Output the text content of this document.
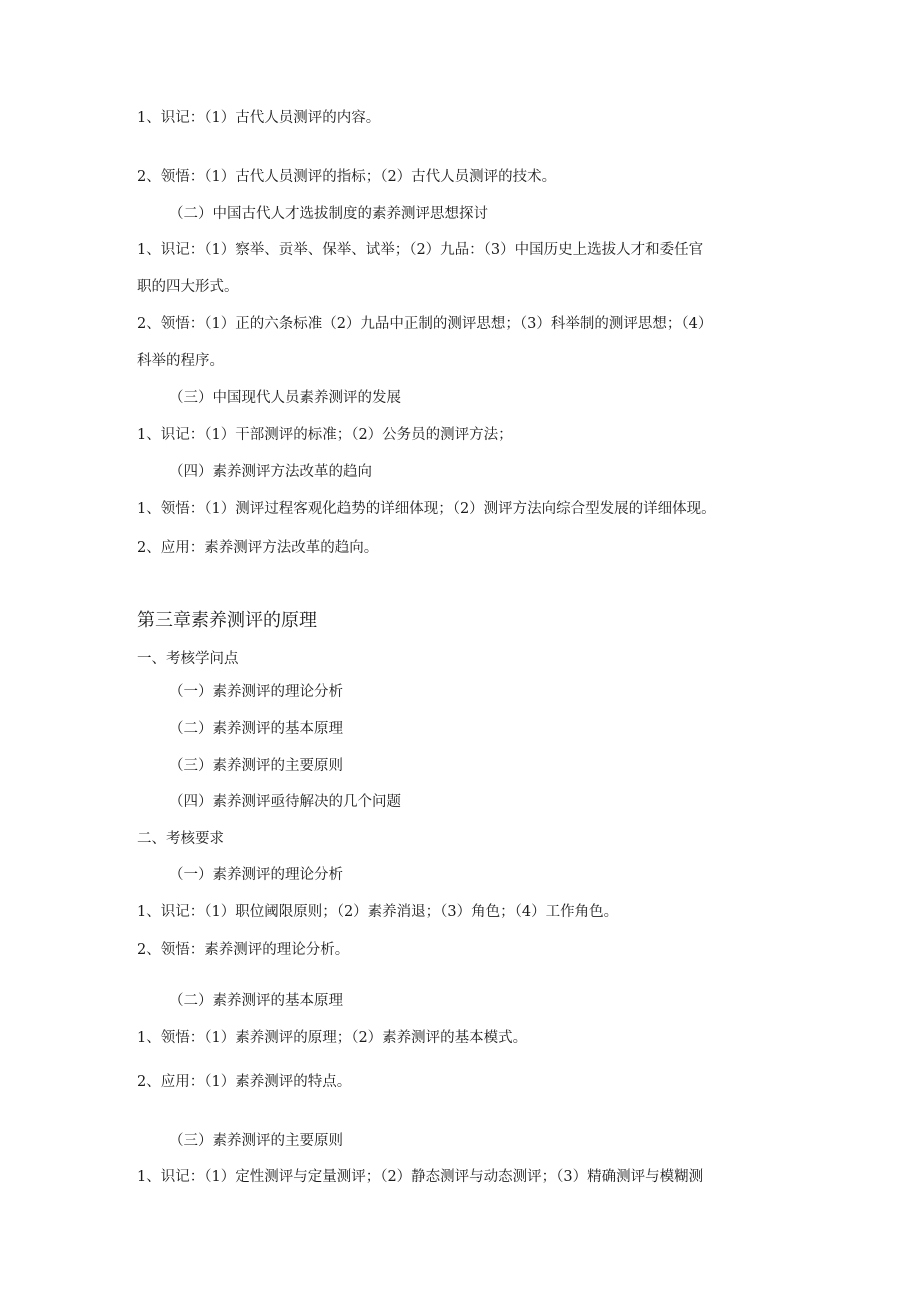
1、识记：（1）古代人员测评的内容。
2、领悟：（1）古代人员测评的指标；（2）古代人员测评的技术。
（二）中国古代人才选拔制度的素养测评思想探讨
1、识记：（1）察举、贡举、保举、试举；（2）九品：（3）中国历史上选拔人才和委任官
职的四大形式。
2、领悟：（1）正的六条标准（2）九品中正制的测评思想；（3）科举制的测评思想；（4）
科举的程序。
（三）中国现代人员素养测评的发展
1、识记：（1）干部测评的标准；（2）公务员的测评方法；
（四）素养测评方法改革的趋向
1、领悟：（1）测评过程客观化趋势的详细体现；（2）测评方法向综合型发展的详细体现。
2、应用：素养测评方法改革的趋向。
第三章素养测评的原理
一、考核学问点
（一）素养测评的理论分析
（二）素养测评的基本原理
（三）素养测评的主要原则
（四）素养测评亟待解决的几个问题
二、考核要求
（一）素养测评的理论分析
1、识记：（1）职位阈限原则；（2）素养消退；（3）角色；（4）工作角色。
2、领悟：素养测评的理论分析。
（二）素养测评的基本原理
1、领悟：（1）素养测评的原理；（2）素养测评的基本模式。
2、应用：（1）素养测评的特点。
（三）素养测评的主要原则
1、识记：（1）定性测评与定量测评；（2）静态测评与动态测评；（3）精确测评与模糊测
